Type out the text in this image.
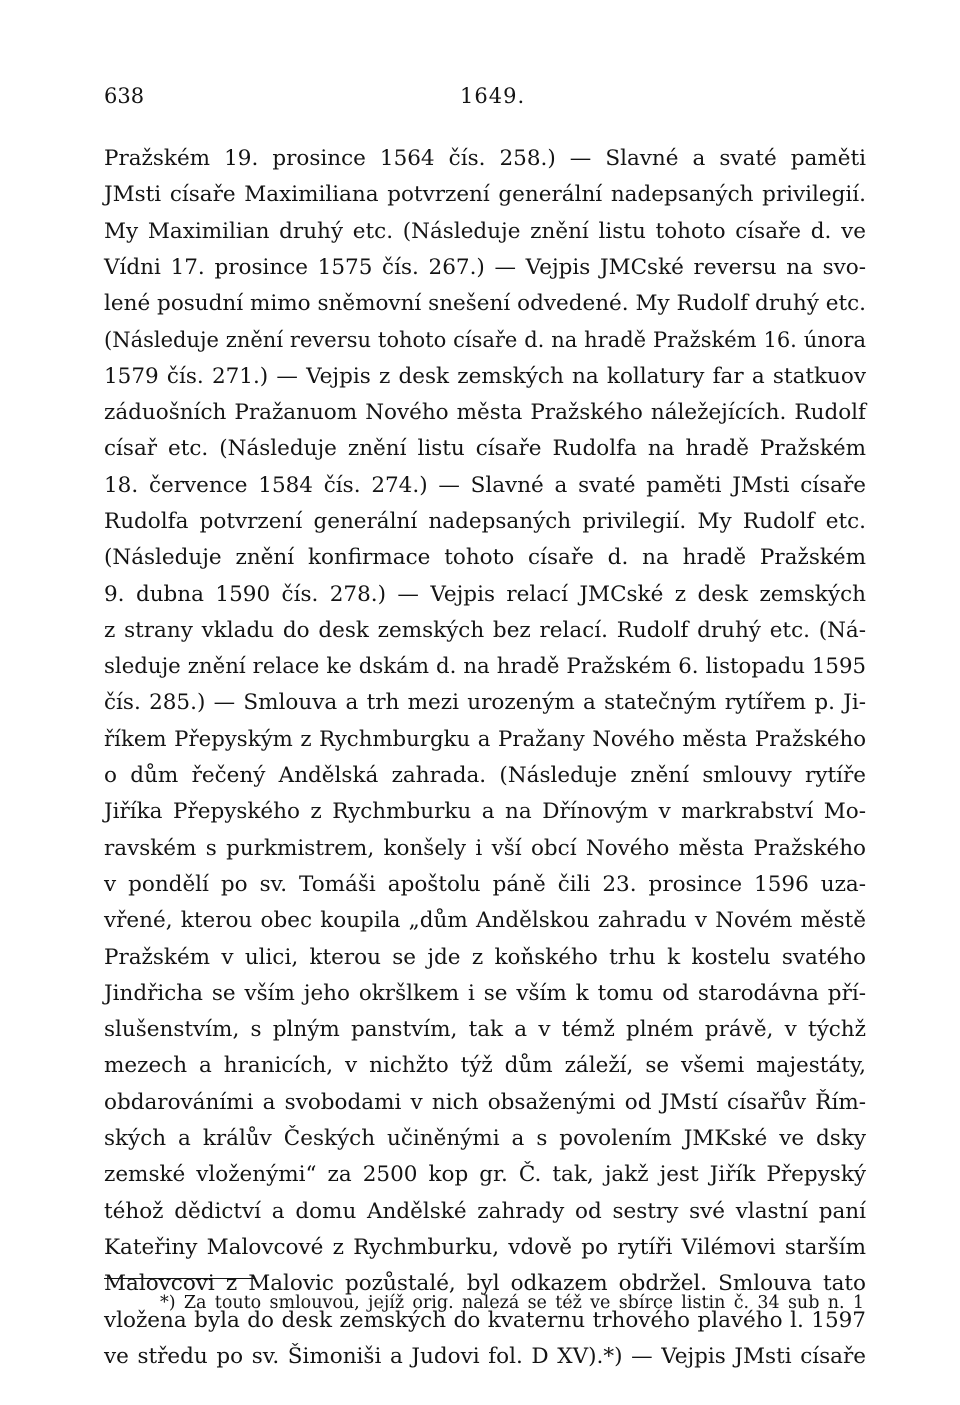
638	1649.
Pražském 19. prosince 1564 čís. 258.) — Slavné a svaté paměti
JMsti císaře Maximiliana potvrzení generální nadepsaných privilegií.
My Maximilian druhý etc. (Následuje znění listu tohoto císaře d. ve
Vídni 17. prosince 1575 čís. 267.) — Vejpis JMCské reversu na svo-
lené posudní mimo sněmovní snešení odvedené. My Rudolf druhý etc.
(Následuje znění reversu tohoto císaře d. na hradě Pražském 16. února
1579 čís. 271.) — Vejpis z desk zemských na kollatury far a statkuov
záduošních Pražanuom Nového města Pražského náležejících. Rudolf
císař etc. (Následuje znění listu císaře Rudolfa na hradě Pražském
18. července 1584 čís. 274.) — Slavné a svaté paměti JMsti císaře
Rudolfa potvrzení generální nadepsaných privilegií. My Rudolf etc.
(Následuje znění konfirmace tohoto císaře d. na hradě Pražském
9. dubna 1590 čís. 278.) — Vejpis relací JMCské z desk zemských
z strany vkladu do desk zemských bez relací. Rudolf druhý etc. (Ná-
sleduje znění relace ke dskám d. na hradě Pražském 6. listopadu 1595
čís. 285.) — Smlouva a trh mezi urozeným a statečným rytířem p. Ji-
říkem Přepyským z Rychmburgku a Pražany Nového města Pražského
o dům řečený Andělská zahrada. (Následuje znění smlouvy rytíře
Jiříka Přepyského z Rychmburku a na Dřínovým v markrabství Mo-
ravském s purkmistrem, konšely i vší obcí Nového města Pražského
v pondělí po sv. Tomáši apoštolu páně čili 23. prosince 1596 uza-
vřené, kterou obec koupila „dům Andělskou zahradu v Novém městě
Pražském v ulici, kterou se jde z koňského trhu k kostelu svatého
Jindřicha se vším jeho okršlkem i se vším k tomu od starodávna pří-
slušenstvím, s plným panstvím, tak a v témž plném právě, v týchž
mezech a hranicích, v nichžto týž dům záleží, se všemi majestáty,
obdarováními a svobodami v nich obsaženými od JMstí císařův Řím-
ských a králův Českých učiněnými a s povolením JMKské ve dsky
zemské vloženými“ za 2500 kop gr. Č. tak, jakž jest Jiřík Přepyský
téhož dědictví a domu Andělské zahrady od sestry své vlastní paní
Kateřiny Malovcové z Rychmburku, vdově po rytíři Vilémovi starším
Malovcovi z Malovic pozůstalé, byl odkazem obdržel. Smlouva tato
vložena byla do desk zemských do kvaternu trhového plavého l. 1597
ve středu po sv. Šimoniši a Judovi fol. D XV).*) — Vejpis JMsti císaře
*) Za touto smlouvou, jejíž orig. nalezá se též ve sbírce listin č. 34 sub n. 1
